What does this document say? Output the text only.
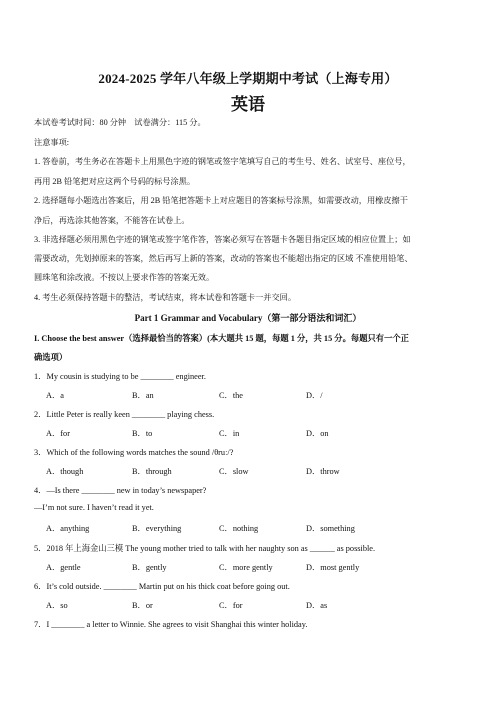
2024-2025 学年八年级上学期期中考试（上海专用）
英语
本试卷考试时间：80 分钟　试卷满分：115 分。
注意事项:
1. 答卷前，考生务必在答题卡上用黑色字迹的钢笔或签字笔填写自己的考生号、姓名、试室号、座位号，
再用 2B 铅笔把对应这两个号码的标号涂黑。
2. 选择题每小题选出答案后，用 2B 铅笔把答题卡上对应题目的答案标号涂黑，如需要改动，用橡皮擦干
净后，再选涂其他答案，不能答在试卷上。
3. 非选择题必须用黑色字迹的钢笔或签字笔作答，答案必须写在答题卡各题目指定区域的相应位置上；如
需要改动，先划掉原来的答案，然后再写上新的答案，改动的答案也不能超出指定的区域 不准使用铅笔、
圆珠笔和涂改液。不按以上要求作答的答案无效。
4. 考生必须保持答题卡的整洁，考试结束，将本试卷和答题卡一并交回。
Part 1 Grammar and Vocabulary（第一部分语法和词汇）
I. Choose the best answer（选择最恰当的答案）(本大题共 15 题，每题 1 分，共 15 分。每题只有一个正
确选项）
1．My cousin is studying to be ________ engineer.
A．a	B．an	C．the	D．/
2．Little Peter is really keen ________ playing chess.
A．for	B．to	C．in	D．on
3．Which of the following words matches the sound /θruː/?
A．though	B．through	C．slow	D．throw
4．—Is there ________ new in today’s newspaper?
—I’m not sure. I haven’t read it yet.
A．anything	B．everything	C．nothing	D．something
5．2018 年上海金山三模 The young mother tried to talk with her naughty son as ______ as possible.
A．gentle	B．gently	C．more gently	D．most gently
6．It’s cold outside. ________ Martin put on his thick coat before going out.
A．so	B．or	C．for	D．as
7．I ________ a letter to Winnie. She agrees to visit Shanghai this winter holiday.
